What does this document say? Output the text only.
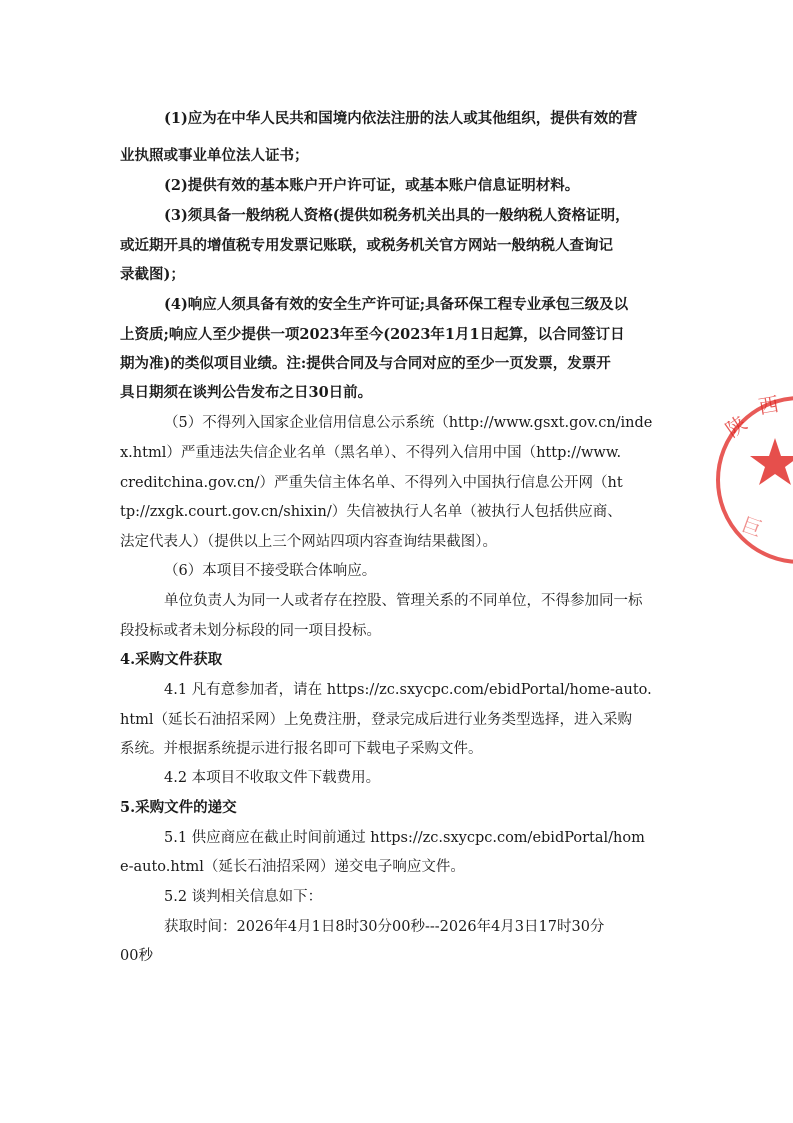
(1)应为在中华人民共和国境内依法注册的法人或其他组织，提供有效的营
业执照或事业单位法人证书；
(2)提供有效的基本账户开户许可证，或基本账户信息证明材料。
(3)须具备一般纳税人资格(提供如税务机关出具的一般纳税人资格证明，
或近期开具的增值税专用发票记账联，或税务机关官方网站一般纳税人查询记
录截图)；
(4)响应人须具备有效的安全生产许可证;具备环保工程专业承包三级及以
上资质;响应人至少提供一项2023年至今(2023年1月1日起算，以合同签订日
期为准)的类似项目业绩。注:提供合同及与合同对应的至少一页发票，发票开
具日期须在谈判公告发布之日30日前。
（5）不得列入国家企业信用信息公示系统（http://www.gsxt.gov.cn/inde
x.html）严重违法失信企业名单（黑名单）、不得列入信用中国（http://www.
creditchina.gov.cn/）严重失信主体名单、不得列入中国执行信息公开网（ht
tp://zxgk.court.gov.cn/shixin/）失信被执行人名单（被执行人包括供应商、
法定代表人）（提供以上三个网站四项内容查询结果截图）。
（6）本项目不接受联合体响应。
单位负责人为同一人或者存在控股、管理关系的不同单位，不得参加同一标
段投标或者未划分标段的同一项目投标。
4.采购文件获取
4.1 凡有意参加者，请在 https://zc.sxycpc.com/ebidPortal/home-auto.
html（延长石油招采网）上免费注册，登录完成后进行业务类型选择，进入采购
系统。并根据系统提示进行报名即可下载电子采购文件。
4.2 本项目不收取文件下载费用。
5.采购文件的递交
5.1 供应商应在截止时间前通过 https://zc.sxycpc.com/ebidPortal/hom
e-auto.html（延长石油招采网）递交电子响应文件。
5.2 谈判相关信息如下：
获取时间：2026年4月1日8时30分00秒---2026年4月3日17时30分
00秒
陕
西
巨
